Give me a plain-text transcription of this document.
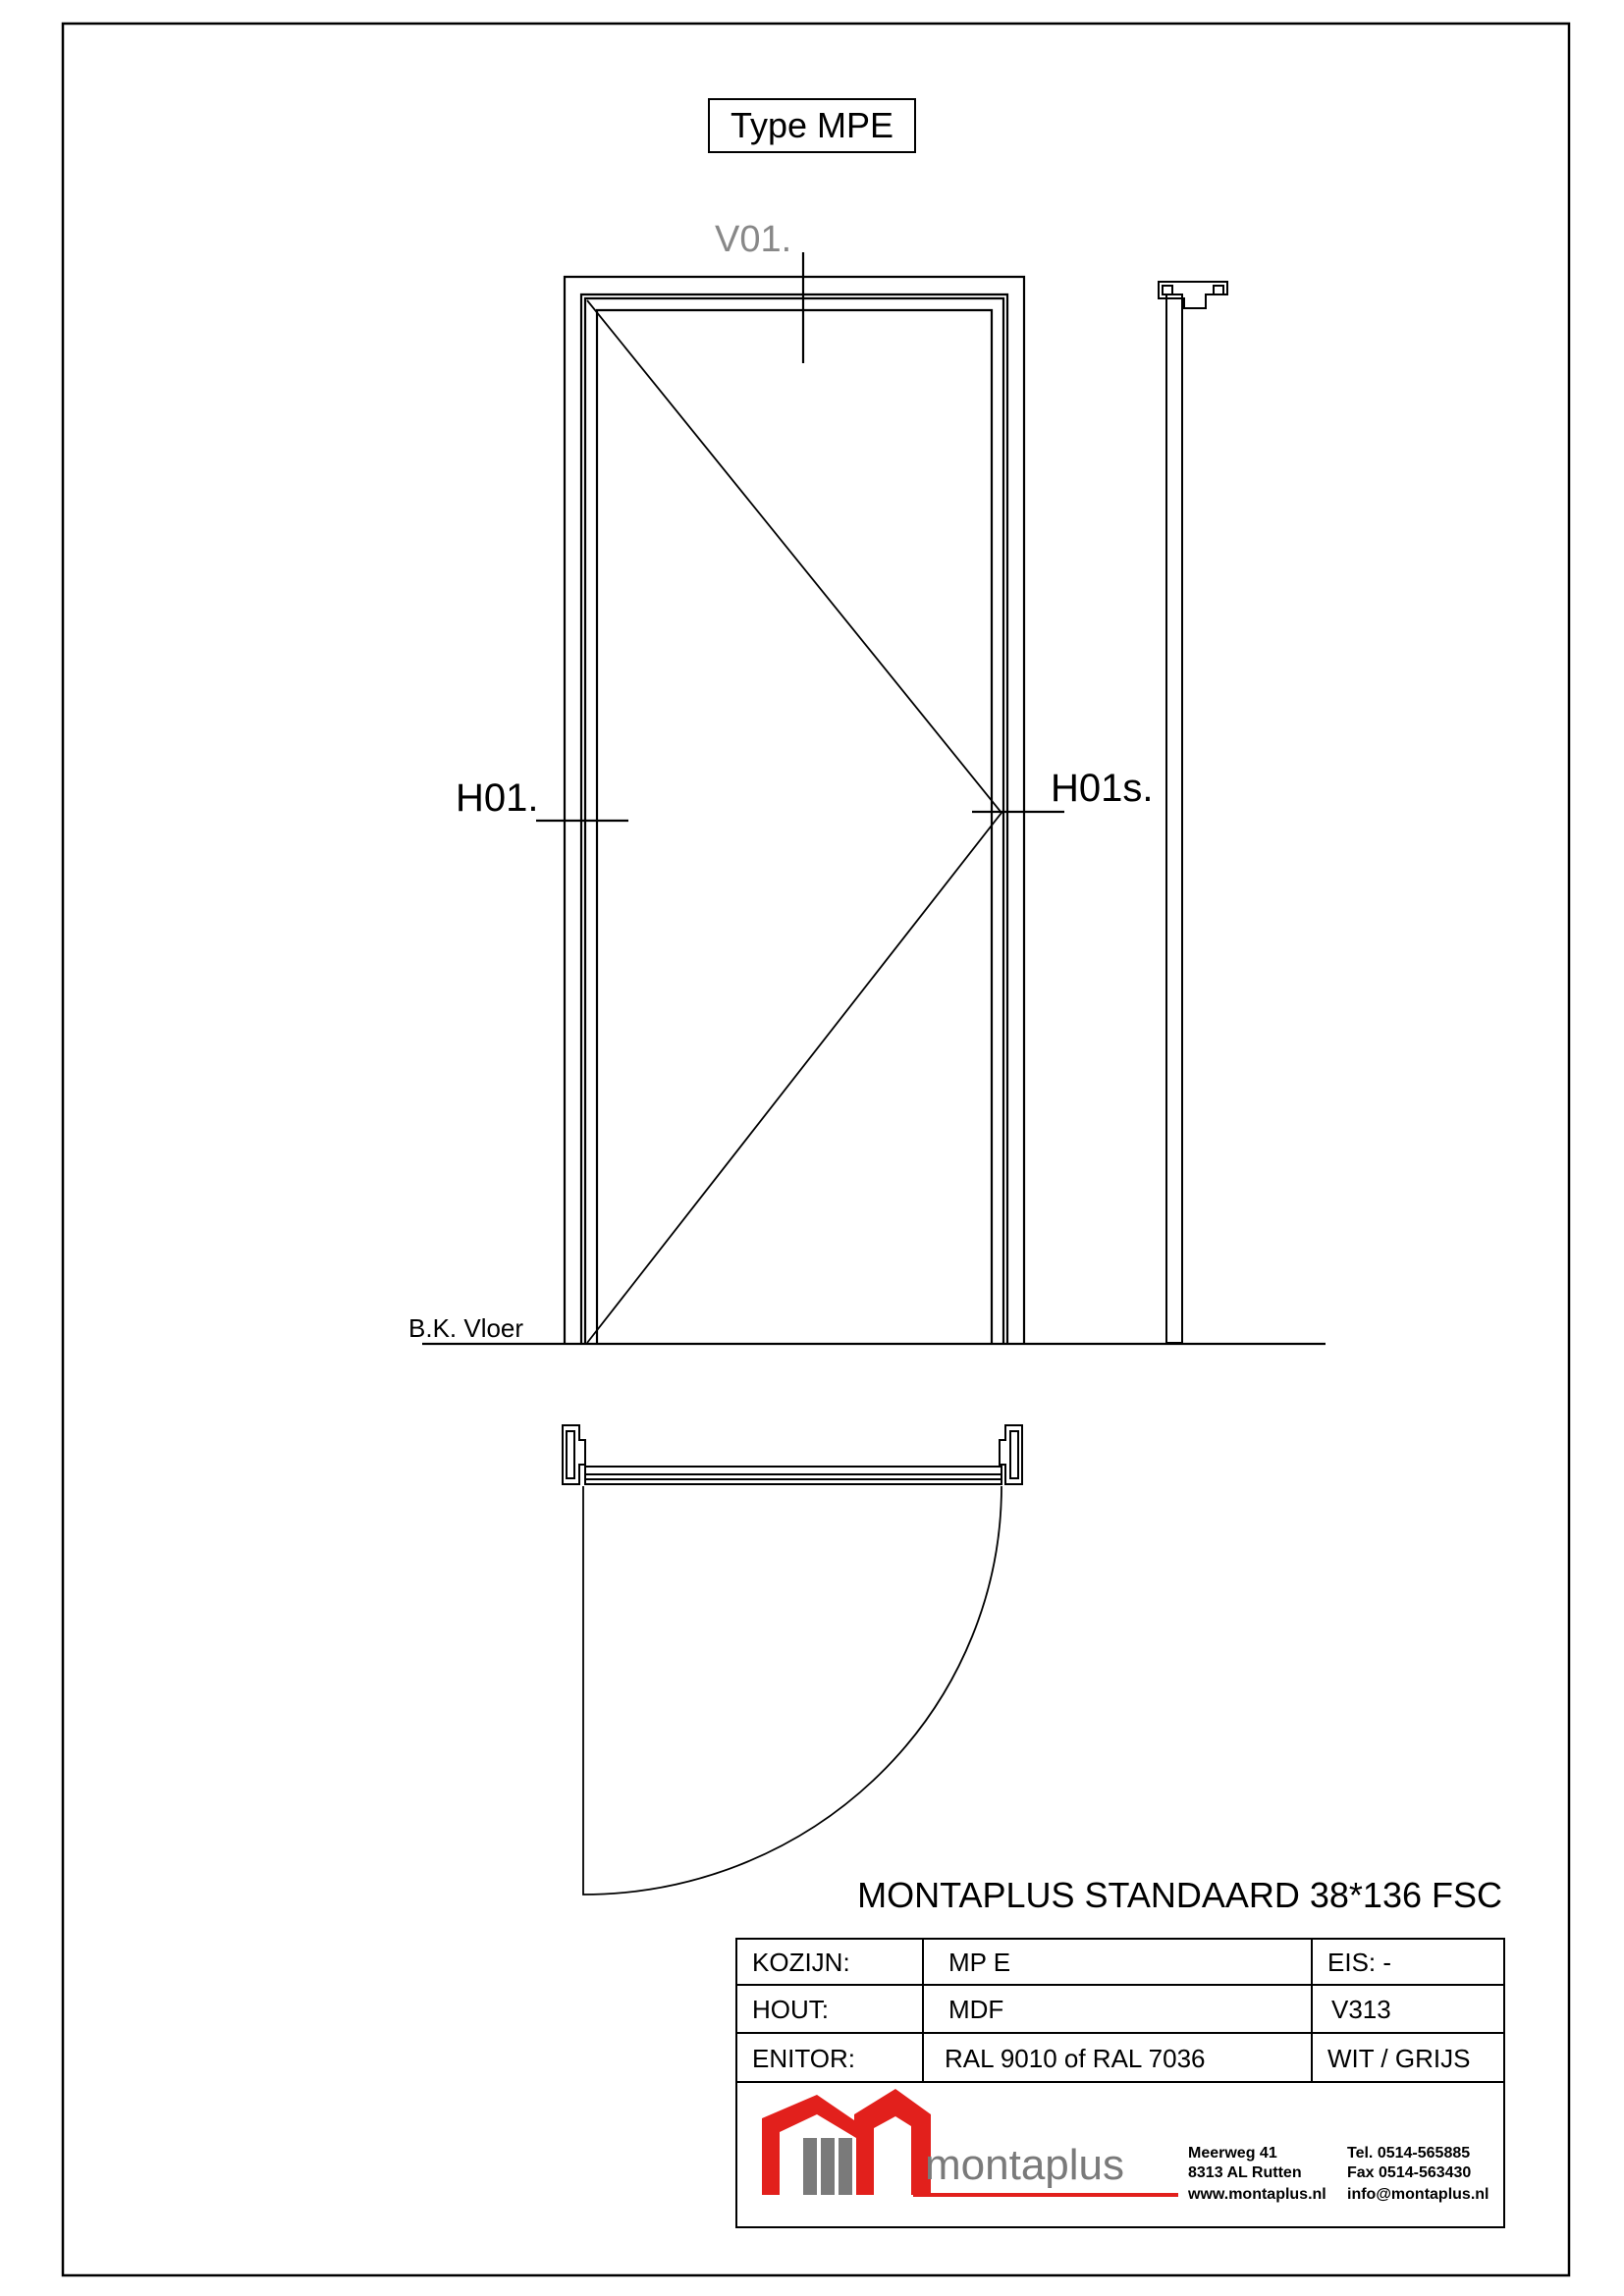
Type MPE
B.K. Vloer
V01.
H01.	H01s.
MONTAPLUS STANDAARD 38*136 FSC
KOZIJN:	MP E	EIS: -
HOUT:	MDF	V313
ENITOR:	RAL 9010 of RAL 7036	WIT / GRIJS
montaplus	Meerweg 41
8313 AL Rutten
www.montaplus.nl
Tel. 0514-565885
Fax 0514-563430
info@montaplus.nl
